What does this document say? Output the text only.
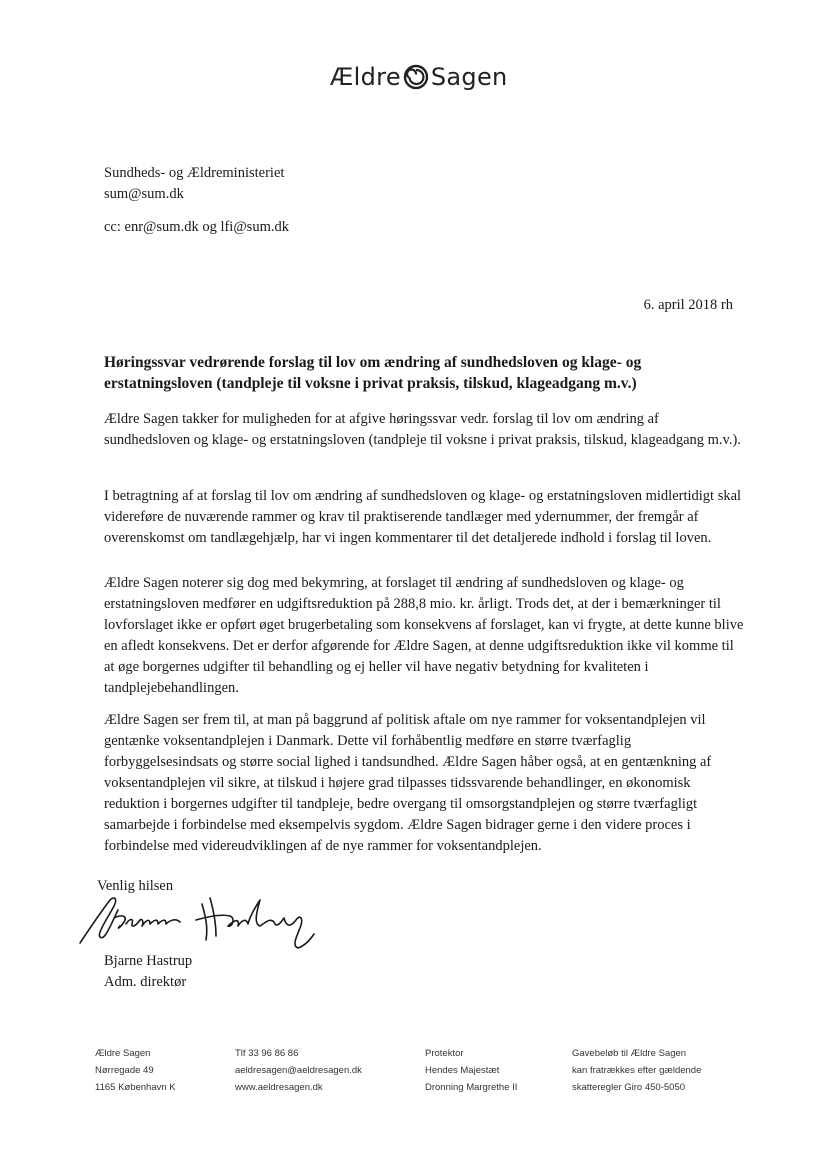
Ældre Sagen
Sundheds- og Ældreministeriet
sum@sum.dk
cc: enr@sum.dk og lfi@sum.dk
6. april 2018 rh
Høringssvar vedrørende forslag til lov om ændring af sundhedsloven og klage- og erstatningsloven (tandpleje til voksne i privat praksis, tilskud, klageadgang m.v.)

Ældre Sagen takker for muligheden for at afgive høringssvar vedr. forslag til lov om ændring af sundhedsloven og klage- og erstatningsloven (tandpleje til voksne i privat praksis, tilskud, klageadgang m.v.).

I betragtning af at forslag til lov om ændring af sundhedsloven og klage- og erstatningsloven midlertidigt skal videreføre de nuværende rammer og krav til praktiserende tandlæger med ydernummer, der fremgår af overenskomst om tandlægehjælp, har vi ingen kommentarer til det detaljerede indhold i forslag til loven.

Ældre Sagen noterer sig dog med bekymring, at forslaget til ændring af sundhedsloven og klage- og erstatningsloven medfører en udgiftsreduktion på 288,8 mio. kr. årligt. Trods det, at der i bemærkninger til lovforslaget ikke er opført øget brugerbetaling som konsekvens af forslaget, kan vi frygte, at dette kunne blive en afledt konsekvens. Det er derfor afgørende for Ældre Sagen, at denne udgiftsreduktion ikke vil komme til at øge borgernes udgifter til behandling og ej heller vil have negativ betydning for kvaliteten i tandplejebehandlingen.

Ældre Sagen ser frem til, at man på baggrund af politisk aftale om nye rammer for voksentandplejen vil gentænke voksentandplejen i Danmark. Dette vil forhåbentlig medføre en større tværfaglig forbyggelsesindsats og større social lighed i tandsundhed. Ældre Sagen håber også, at en gentænkning af voksentandplejen vil sikre, at tilskud i højere grad tilpasses tidssvarende behandlinger, en økonomisk reduktion i borgernes udgifter til tandpleje, bedre overgang til omsorgstandplejen og større tværfagligt samarbejde i forbindelse med eksempelvis sygdom. Ældre Sagen bidrager gerne i den videre proces i forbindelse med videreudviklingen af de nye rammer for voksentandplejen.

Venlig hilsen
Bjarne Hastrup
Adm. direktør
Ældre Sagen
Nørregade 49
1165 København K
Tlf 33 96 86 86
aeldresagen@aeldresagen.dk
www.aeldresagen.dk
Protektor
Hendes Majestæt
Dronning Margrethe II
Gavebeløb til Ældre Sagen
kan fratrækkes efter gældende
skatteregler Giro 450-5050
